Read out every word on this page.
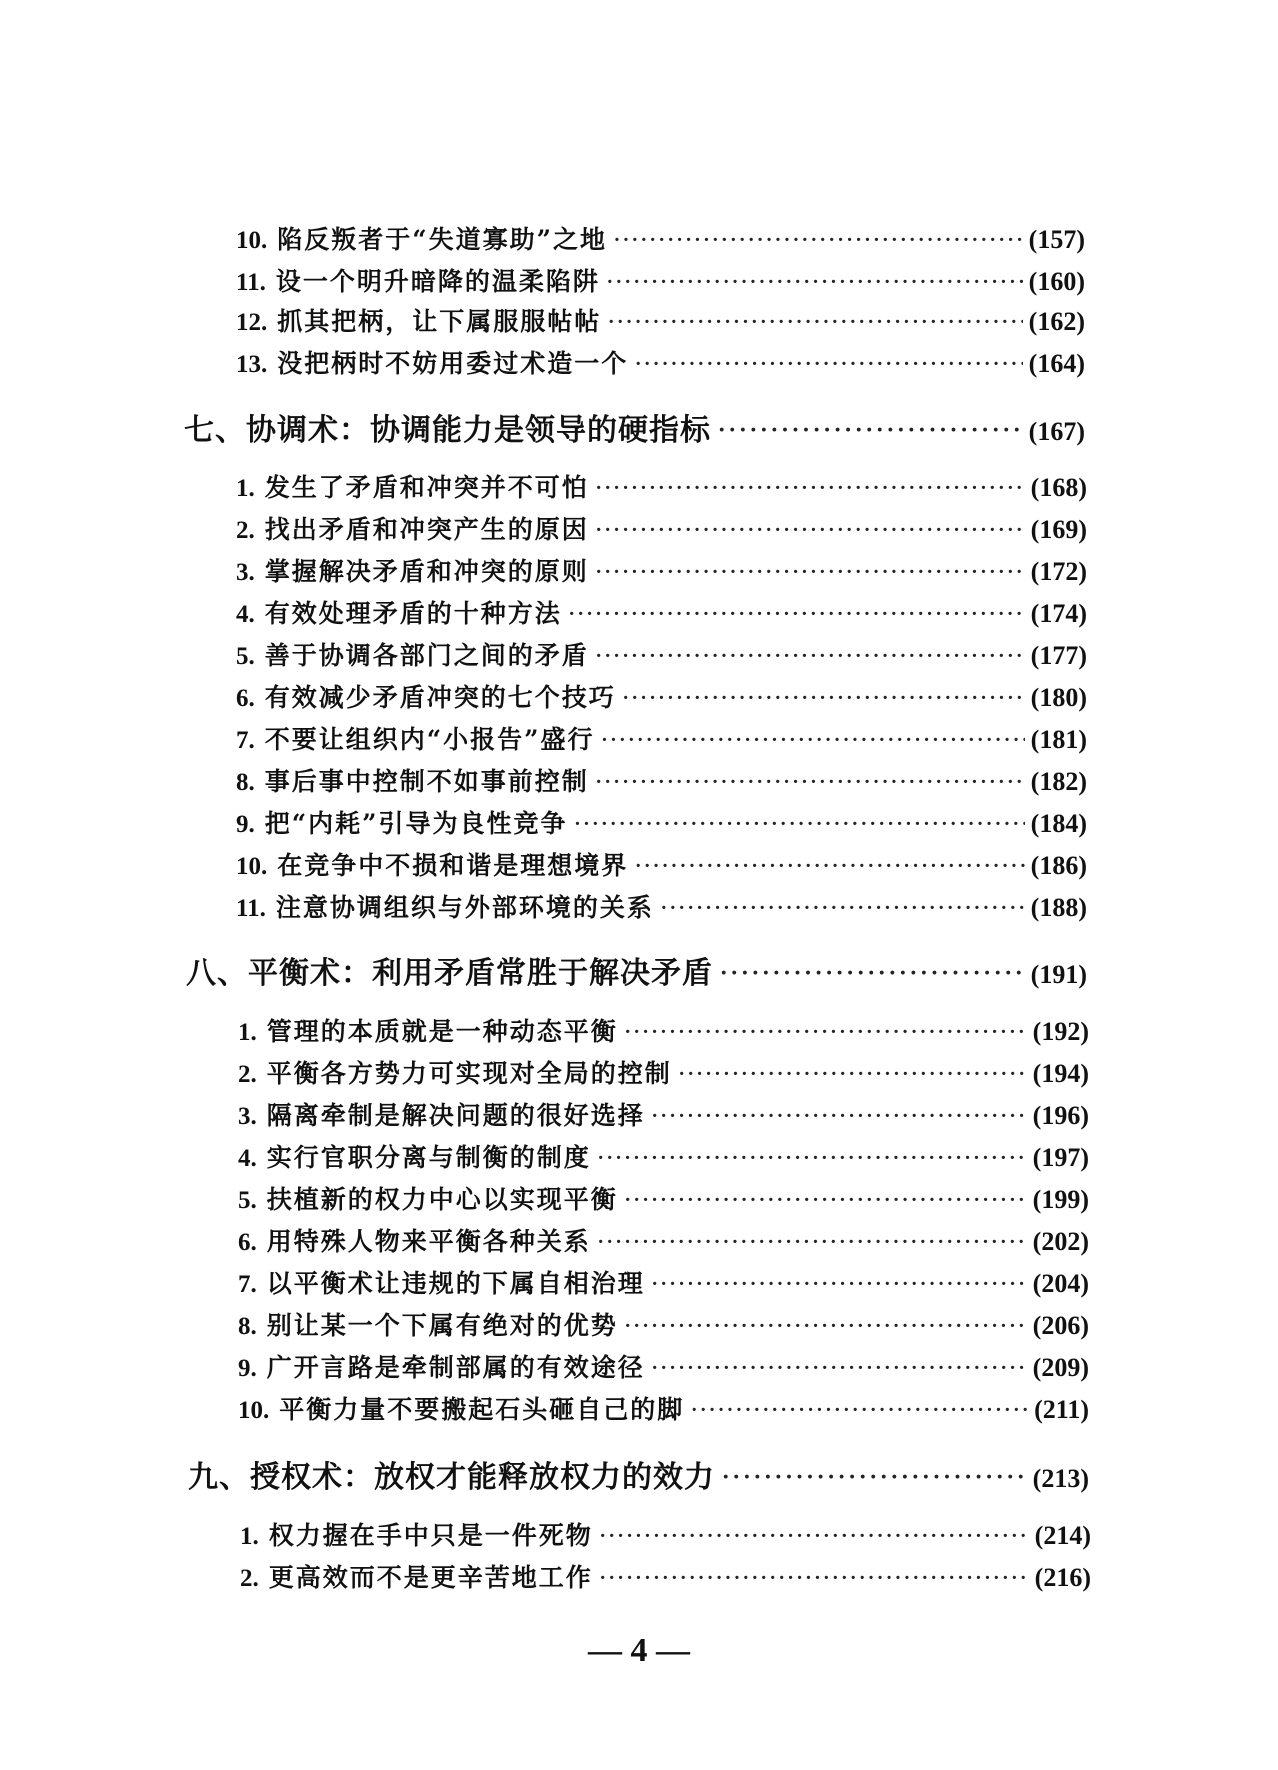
10. 陷反叛者于“失道寡助”之地 ·····	(157)
11. 设一个明升暗降的温柔陷阱 ·····	(160)
12. 抓其把柄，让下属服服帖帖 ·····	(162)
13. 没把柄时不妨用委过术造一个 ·····	(164)
七、协调术：协调能力是领导的硬指标 ·····	(167)
1. 发生了矛盾和冲突并不可怕 ·····	(168)
2. 找出矛盾和冲突产生的原因 ·····	(169)
3. 掌握解决矛盾和冲突的原则 ·····	(172)
4. 有效处理矛盾的十种方法 ·····	(174)
5. 善于协调各部门之间的矛盾 ·····	(177)
6. 有效减少矛盾冲突的七个技巧 ·····	(180)
7. 不要让组织内“小报告”盛行 ·····	(181)
8. 事后事中控制不如事前控制 ·····	(182)
9. 把“内耗”引导为良性竞争 ·····	(184)
10. 在竞争中不损和谐是理想境界 ·····	(186)
11. 注意协调组织与外部环境的关系 ·····	(188)
八、平衡术：利用矛盾常胜于解决矛盾 ·····	(191)
1. 管理的本质就是一种动态平衡 ·····	(192)
2. 平衡各方势力可实现对全局的控制 ·····	(194)
3. 隔离牵制是解决问题的很好选择 ·····	(196)
4. 实行官职分离与制衡的制度 ·····	(197)
5. 扶植新的权力中心以实现平衡 ·····	(199)
6. 用特殊人物来平衡各种关系 ·····	(202)
7. 以平衡术让违规的下属自相治理 ·····	(204)
8. 别让某一个下属有绝对的优势 ·····	(206)
9. 广开言路是牵制部属的有效途径 ·····	(209)
10. 平衡力量不要搬起石头砸自己的脚 ·····	(211)
九、授权术：放权才能释放权力的效力 ·····	(213)
1. 权力握在手中只是一件死物 ·····	(214)
2. 更高效而不是更辛苦地工作 ·····	(216)
— 4 —
